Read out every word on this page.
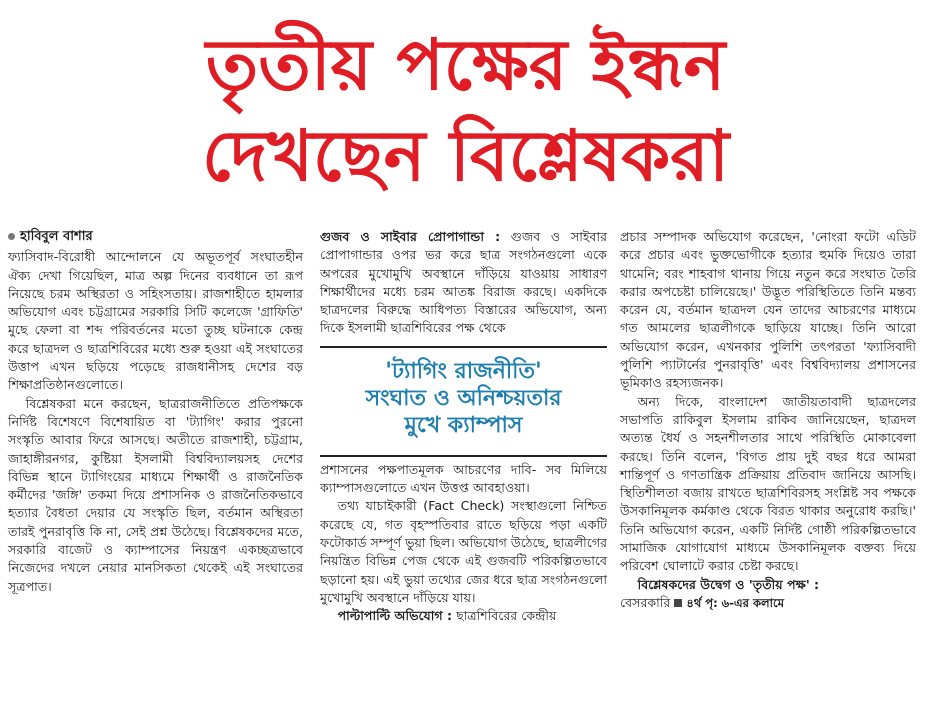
তৃতীয় পক্ষের ইন্ধন
দেখছেন বিশ্লেষকরা

হাবিবুল বাশার

ফ্যাসিবাদ-বিরোধী আন্দোলনে যে অভূতপূর্ব সংঘাতহীন ঐক্য দেখা গিয়েছিল, মাত্র অল্প দিনের ব্যবধানে তা রূপ নিয়েছে চরম অস্থিরতা ও সহিংসতায়। রাজশাহীতে হামলার অভিযোগ এবং চট্টগ্রামের সরকারি সিটি কলেজে 'গ্রাফিতি' মুছে ফেলা বা শব্দ পরিবর্তনের মতো তুচ্ছ ঘটনাকে কেন্দ্র করে ছাত্রদল ও ছাত্রশিবিরের মধ্যে শুরু হওয়া এই সংঘাতের উত্তাপ এখন ছড়িয়ে পড়েছে রাজধানীসহ দেশের বড় শিক্ষাপ্রতিষ্ঠানগুলোতে।

বিশ্লেষকরা মনে করছেন, ছাত্ররাজনীতিতে প্রতিপক্ষকে নির্দিষ্ট বিশেষণে বিশেষায়িত বা 'ট্যাগিং' করার পুরনো সংস্কৃতি আবার ফিরে আসছে। অতীতে রাজশাহী, চট্টগ্রাম, জাহাঙ্গীরনগর, কুষ্টিয়া ইসলামী বিশ্ববিদ্যালয়সহ দেশের বিভিন্ন স্থানে ট্যাগিংয়ের মাধ্যমে শিক্ষার্থী ও রাজনৈতিক কর্মীদের 'জঙ্গি' তকমা দিয়ে প্রশাসনিক ও রাজনৈতিকভাবে হত্যার বৈধতা দেয়ার যে সংস্কৃতি ছিল, বর্তমান অস্থিরতা তারই পুনরাবৃত্তি কি না, সেই প্রশ্ন উঠেছে। বিশ্লেষকদের মতে, সরকারি বাজেট ও ক্যাম্পাসের নিয়ন্ত্রণ একচ্ছত্রভাবে নিজেদের দখলে নেয়ার মানসিকতা থেকেই এই সংঘাতের সূত্রপাত।

গুজব ও সাইবার প্রোপাগান্ডা : গুজব ও সাইবার প্রোপাগান্ডার ওপর ভর করে ছাত্র সংগঠনগুলো একে অপরের মুখোমুখি অবস্থানে দাঁড়িয়ে যাওয়ায় সাধারণ শিক্ষার্থীদের মধ্যে চরম আতঙ্ক বিরাজ করছে। একদিকে ছাত্রদলের বিরুদ্ধে আধিপত্য বিস্তারের অভিযোগ, অন্য দিকে ইসলামী ছাত্রশিবিরের পক্ষ থেকে

'ট্যাগিং রাজনীতি'
সংঘাত ও অনিশ্চয়তার
মুখে ক্যাম্পাস

প্রশাসনের পক্ষপাতমূলক আচরণের দাবি- সব মিলিয়ে ক্যাম্পাসগুলোতে এখন উত্তপ্ত আবহাওয়া।

তথ্য যাচাইকারী (Fact Check) সংস্থাগুলো নিশ্চিত করেছে যে, গত বৃহস্পতিবার রাতে ছড়িয়ে পড়া একটি ফটোকার্ড সম্পূর্ণ ভুয়া ছিল। অভিযোগ উঠেছে, ছাত্রলীগের নিয়ন্ত্রিত বিভিন্ন পেজ থেকে এই গুজবটি পরিকল্পিতভাবে ছড়ানো হয়। এই ভুয়া তথ্যের জের ধরে ছাত্র সংগঠনগুলো মুখোমুখি অবস্থানে দাঁড়িয়ে যায়।

পাল্টাপাল্টি অভিযোগ : ছাত্রশিবিরের কেন্দ্রীয়

প্রচার সম্পাদক অভিযোগ করেছেন, 'নোংরা ফটো এডিট করে প্রচার এবং ভুক্তভোগীকে হত্যার হুমকি দিয়েও তারা থামেনি; বরং শাহবাগ থানায় গিয়ে নতুন করে সংঘাত তৈরি করার অপচেষ্টা চালিয়েছে।' উদ্ভূত পরিস্থিতিতে তিনি মন্তব্য করেন যে, বর্তমান ছাত্রদল যেন তাদের আচরণের মাধ্যমে গত আমলের ছাত্রলীগকে ছাড়িয়ে যাচ্ছে। তিনি আরো অভিযোগ করেন, এখনকার পুলিশি তৎপরতা 'ফ্যাসিবাদী পুলিশি প্যাটার্নের পুনরাবৃত্তি' এবং বিশ্ববিদ্যালয় প্রশাসনের ভূমিকাও রহস্যজনক।

অন্য দিকে, বাংলাদেশ জাতীয়তাবাদী ছাত্রদলের সভাপতি রাকিবুল ইসলাম রাকিব জানিয়েছেন, ছাত্রদল অত্যন্ত ধৈর্য ও সহনশীলতার সাথে পরিস্থিতি মোকাবেলা করছে। তিনি বলেন, 'বিগত প্রায় দুই বছর ধরে আমরা শান্তিপূর্ণ ও গণতান্ত্রিক প্রক্রিয়ায় প্রতিবাদ জানিয়ে আসছি। স্থিতিশীলতা বজায় রাখতে ছাত্রশিবিরসহ সংশ্লিষ্ট সব পক্ষকে উসকানিমূলক কর্মকাণ্ড থেকে বিরত থাকার অনুরোধ করছি।' তিনি অভিযোগ করেন, একটি নির্দিষ্ট গোষ্ঠী পরিকল্পিতভাবে সামাজিক যোগাযোগ মাধ্যমে উসকানিমূলক বক্তব্য দিয়ে পরিবেশ ঘোলাটে করার চেষ্টা করছে।

বিশ্লেষকদের উদ্বেগ ও 'তৃতীয় পক্ষ' :

বেসরকারি ৪র্থ পৃ: ৬-এর কলামে
